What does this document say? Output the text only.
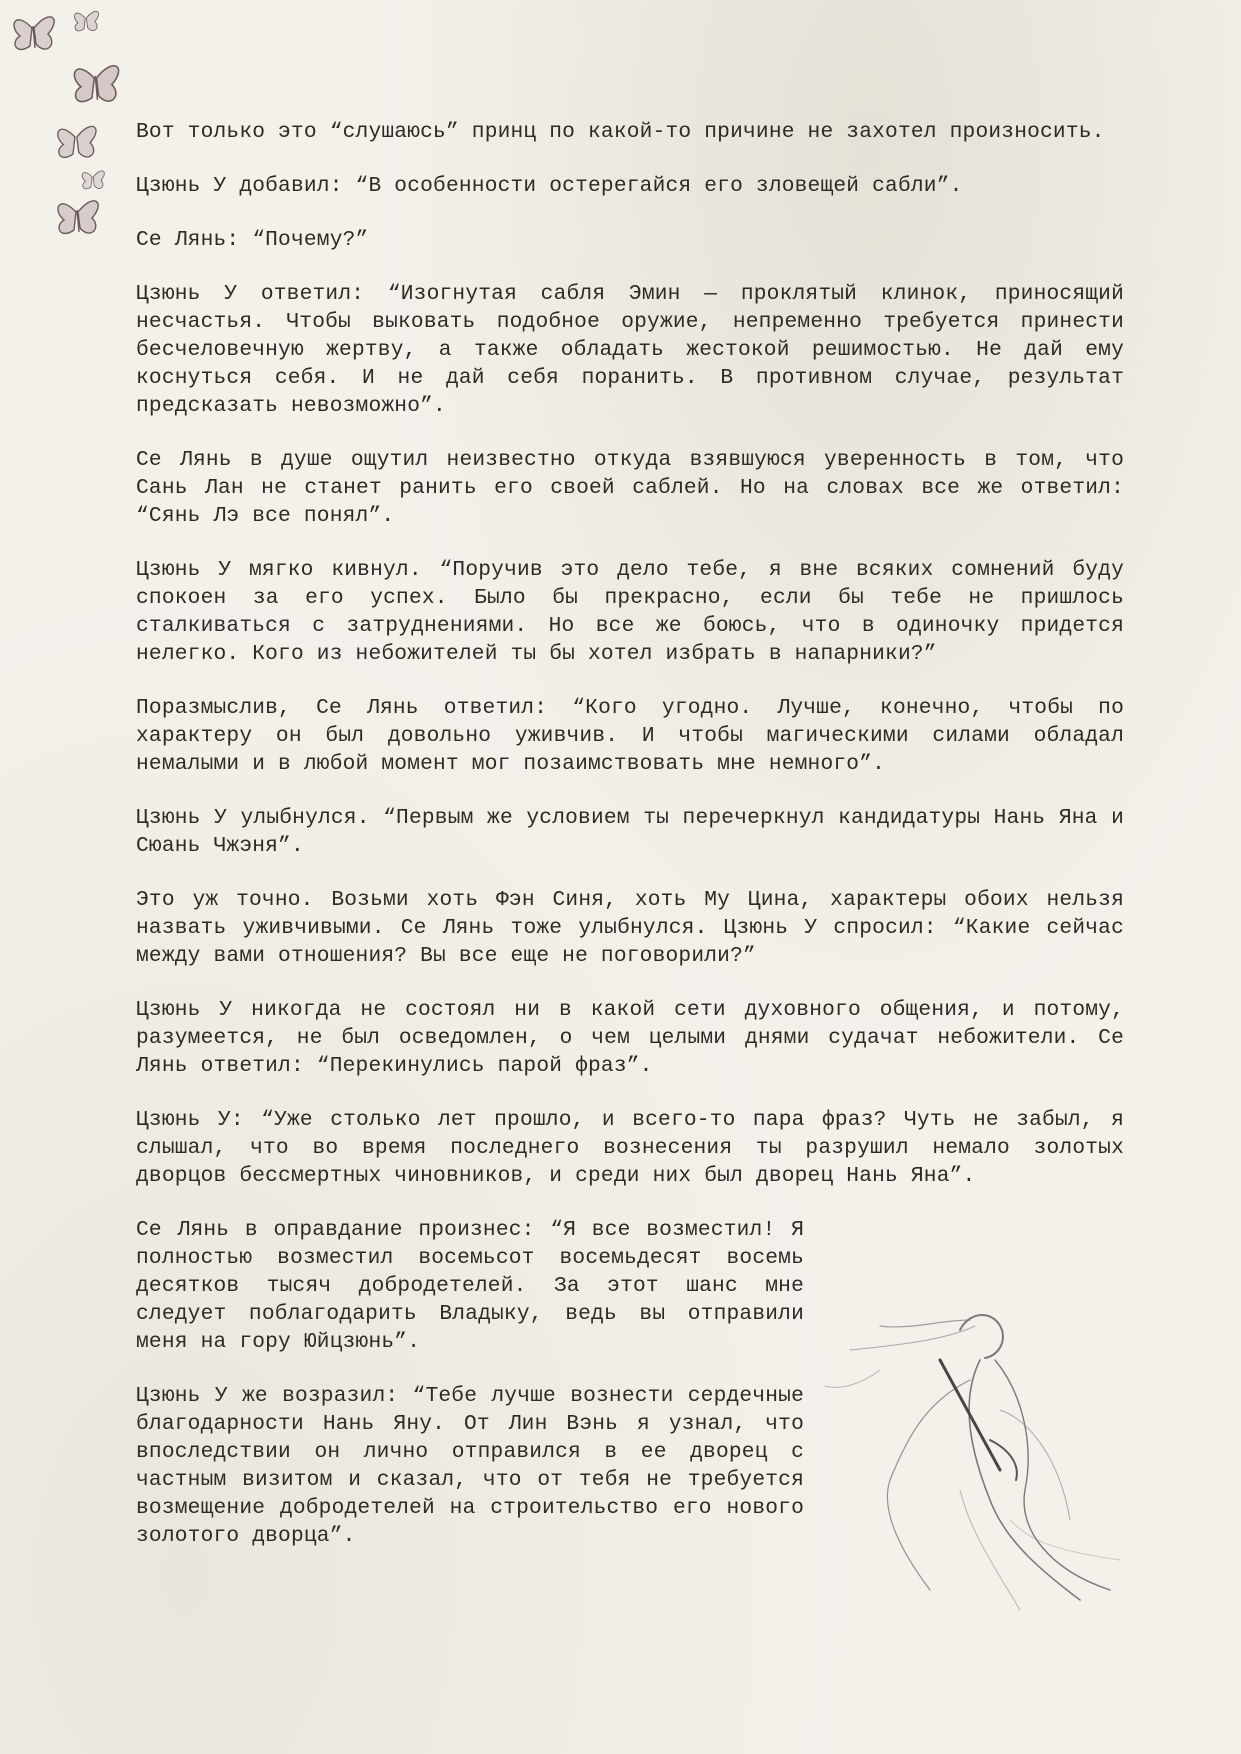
Вот только это “слушаюсь” принц по какой-то причине не захотел произносить.

Цзюнь У добавил: “В особенности остерегайся его зловещей сабли”.

Се Лянь: “Почему?”

Цзюнь У ответил: “Изогнутая сабля Эмин — проклятый клинок, приносящий несчастья. Чтобы выковать подобное оружие, непременно требуется принести бесчеловечную жертву, а также обладать жестокой решимостью. Не дай ему коснуться себя. И не дай себя поранить. В противном случае, результат предсказать невозможно”.

Се Лянь в душе ощутил неизвестно откуда взявшуюся уверенность в том, что Сань Лан не станет ранить его своей саблей. Но на словах все же ответил: “Сянь Лэ все понял”.

Цзюнь У мягко кивнул. “Поручив это дело тебе, я вне всяких сомнений буду спокоен за его успех. Было бы прекрасно, если бы тебе не пришлось сталкиваться с затруднениями. Но все же боюсь, что в одиночку придется нелегко. Кого из небожителей ты бы хотел избрать в напарники?”

Поразмыслив, Се Лянь ответил: “Кого угодно. Лучше, конечно, чтобы по характеру он был довольно уживчив. И чтобы магическими силами обладал немалыми и в любой момент мог позаимствовать мне немного”.

Цзюнь У улыбнулся. “Первым же условием ты перечеркнул кандидатуры Нань Яна и Сюань Чжэня”.

Это уж точно. Возьми хоть Фэн Синя, хоть Му Цина, характеры обоих нельзя назвать уживчивыми. Се Лянь тоже улыбнулся. Цзюнь У спросил: “Какие сейчас между вами отношения? Вы все еще не поговорили?”

Цзюнь У никогда не состоял ни в какой сети духовного общения, и потому, разумеется, не был осведомлен, о чем целыми днями судачат небожители. Се Лянь ответил: “Перекинулись парой фраз”.

Цзюнь У: “Уже столько лет прошло, и всего-то пара фраз? Чуть не забыл, я слышал, что во время последнего вознесения ты разрушил немало золотых дворцов бессмертных чиновников, и среди них был дворец Нань Яна”.

Се Лянь в оправдание произнес: “Я все возместил! Я полностью возместил восемьсот восемьдесят восемь десятков тысяч добродетелей. За этот шанс мне следует поблагодарить Владыку, ведь вы отправили меня на гору Юйцзюнь”.

Цзюнь У же возразил: “Тебе лучше вознести сердечные благодарности Нань Яну. От Лин Вэнь я узнал, что впоследствии он лично отправился в ее дворец с частным визитом и сказал, что от тебя не требуется возмещение добродетелей на строительство его нового золотого дворца”.
